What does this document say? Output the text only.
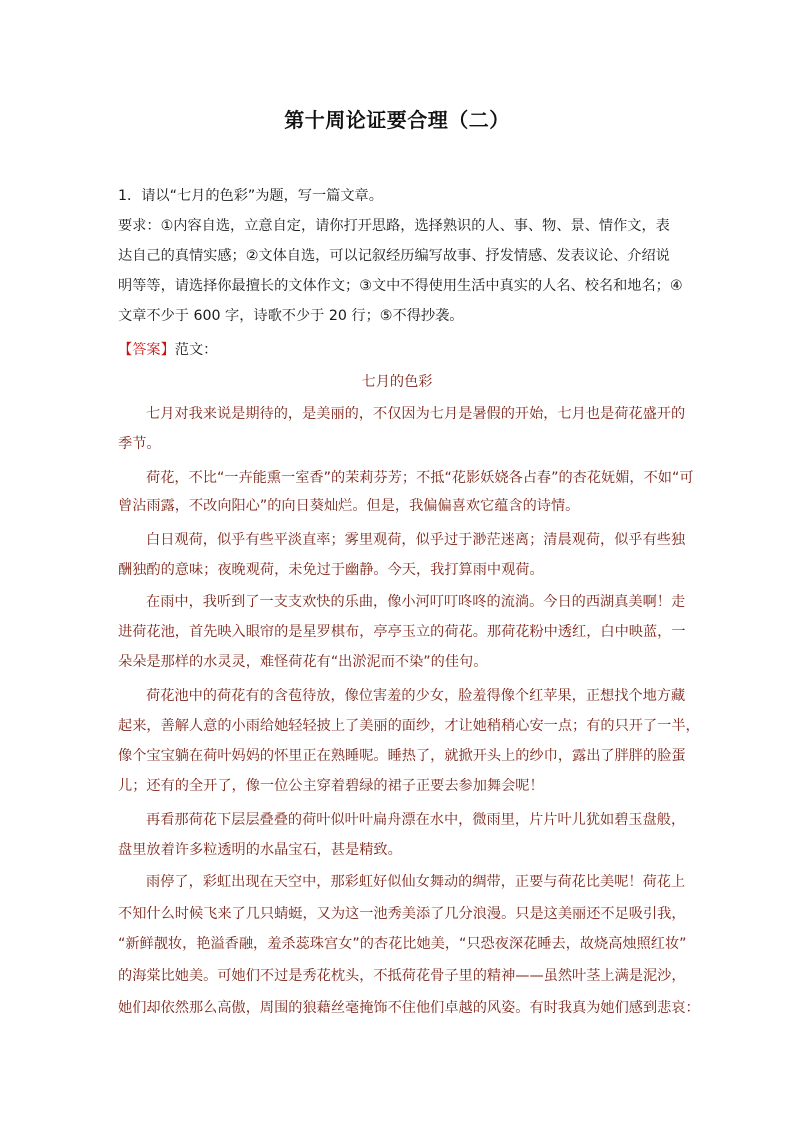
第十周论证要合理（二）
1．请以“七月的色彩”为题，写一篇文章。
要求：①内容自选，立意自定，请你打开思路，选择熟识的人、事、物、景、情作文，表
达自己的真情实感；②文体自选，可以记叙经历编写故事、抒发情感、发表议论、介绍说
明等等，请选择你最擅长的文体作文；③文中不得使用生活中真实的人名、校名和地名；④
文章不少于 600 字，诗歌不少于 20 行；⑤不得抄袭。
【答案】范文：
七月的色彩
七月对我来说是期待的，是美丽的，不仅因为七月是暑假的开始，七月也是荷花盛开的
季节。
荷花，不比“一卉能熏一室香”的茉莉芬芳；不抵“花影妖娆各占春”的杏花妩媚，不如“可
曾沾雨露，不改向阳心”的向日葵灿烂。但是，我偏偏喜欢它蕴含的诗情。
白日观荷，似乎有些平淡直率；雾里观荷，似乎过于渺茫迷离；清晨观荷，似乎有些独
酬独酌的意味；夜晚观荷，未免过于幽静。今天，我打算雨中观荷。
在雨中，我听到了一支支欢快的乐曲，像小河叮叮咚咚的流淌。今日的西湖真美啊！走
进荷花池，首先映入眼帘的是星罗棋布，亭亭玉立的荷花。那荷花粉中透红，白中映蓝，一
朵朵是那样的水灵灵，难怪荷花有“出淤泥而不染”的佳句。
荷花池中的荷花有的含苞待放，像位害羞的少女，脸羞得像个红苹果，正想找个地方藏
起来，善解人意的小雨给她轻轻披上了美丽的面纱，才让她稍稍心安一点；有的只开了一半，
像个宝宝躺在荷叶妈妈的怀里正在熟睡呢。睡热了，就掀开头上的纱巾，露出了胖胖的脸蛋
儿；还有的全开了，像一位公主穿着碧绿的裙子正要去参加舞会呢！
再看那荷花下层层叠叠的荷叶似叶叶扁舟漂在水中，微雨里，片片叶儿犹如碧玉盘般，
盘里放着许多粒透明的水晶宝石，甚是精致。
雨停了，彩虹出现在天空中，那彩虹好似仙女舞动的绸带，正要与荷花比美呢！荷花上
不知什么时候飞来了几只蜻蜓，又为这一池秀美添了几分浪漫。只是这美丽还不足吸引我，
“新鲜靓妆，艳溢香融，羞杀蕊珠宫女”的杏花比她美，“只恐夜深花睡去，故烧高烛照红妆”
的海棠比她美。可她们不过是秀花枕头，不抵荷花骨子里的精神——虽然叶茎上满是泥沙，
她们却依然那么高傲，周围的狼藉丝毫掩饰不住他们卓越的风姿。有时我真为她们感到悲哀：
